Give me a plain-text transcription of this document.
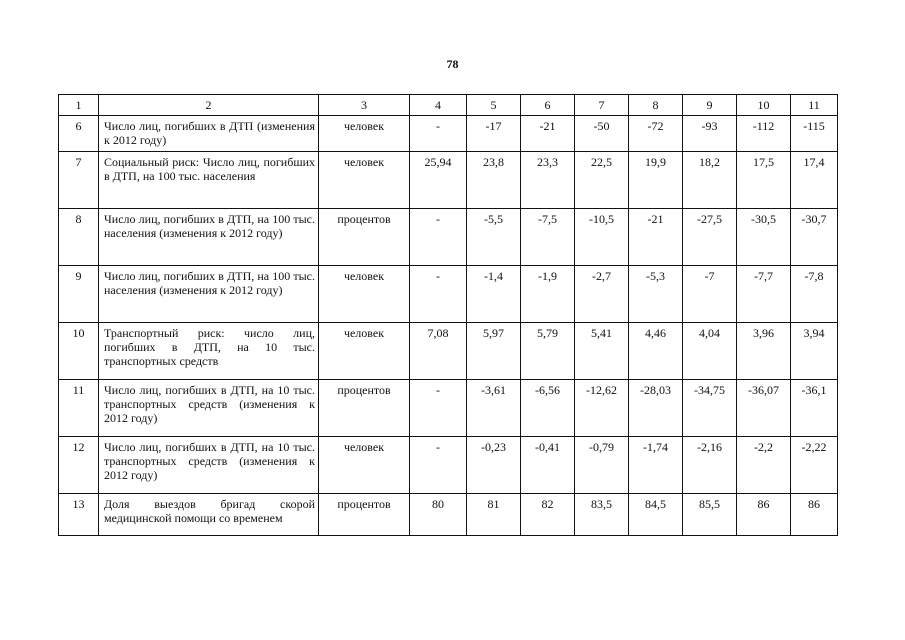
78
1	2	3	4	5	6	7	8	9	10	11
6	Число лиц, погибших в ДТП (изменения к 2012 году)	человек	-	-17	-21	-50	-72	-93	-112	-115
7	Социальный риск: Число лиц, погибших в ДТП, на 100 тыс. населения	человек	25,94	23,8	23,3	22,5	19,9	18,2	17,5	17,4
8	Число лиц, погибших в ДТП, на 100 тыс. населения (изменения к 2012 году)	процентов	-	-5,5	-7,5	-10,5	-21	-27,5	-30,5	-30,7
9	Число лиц, погибших в ДТП, на 100 тыс. населения (изменения к 2012 году)	человек	-	-1,4	-1,9	-2,7	-5,3	-7	-7,7	-7,8
10	Транспортный риск: число лиц, погибших в ДТП, на 10 тыс. транспортных средств	человек	7,08	5,97	5,79	5,41	4,46	4,04	3,96	3,94
11	Число лиц, погибших в ДТП, на 10 тыс. транспортных средств (изменения к 2012 году)	процентов	-	-3,61	-6,56	-12,62	-28,03	-34,75	-36,07	-36,1
12	Число лиц, погибших в ДТП, на 10 тыс. транспортных средств (изменения к 2012 году)	человек	-	-0,23	-0,41	-0,79	-1,74	-2,16	-2,2	-2,22
13	Доля выездов бригад скорой медицинской помощи со временем	процентов	80	81	82	83,5	84,5	85,5	86	86
